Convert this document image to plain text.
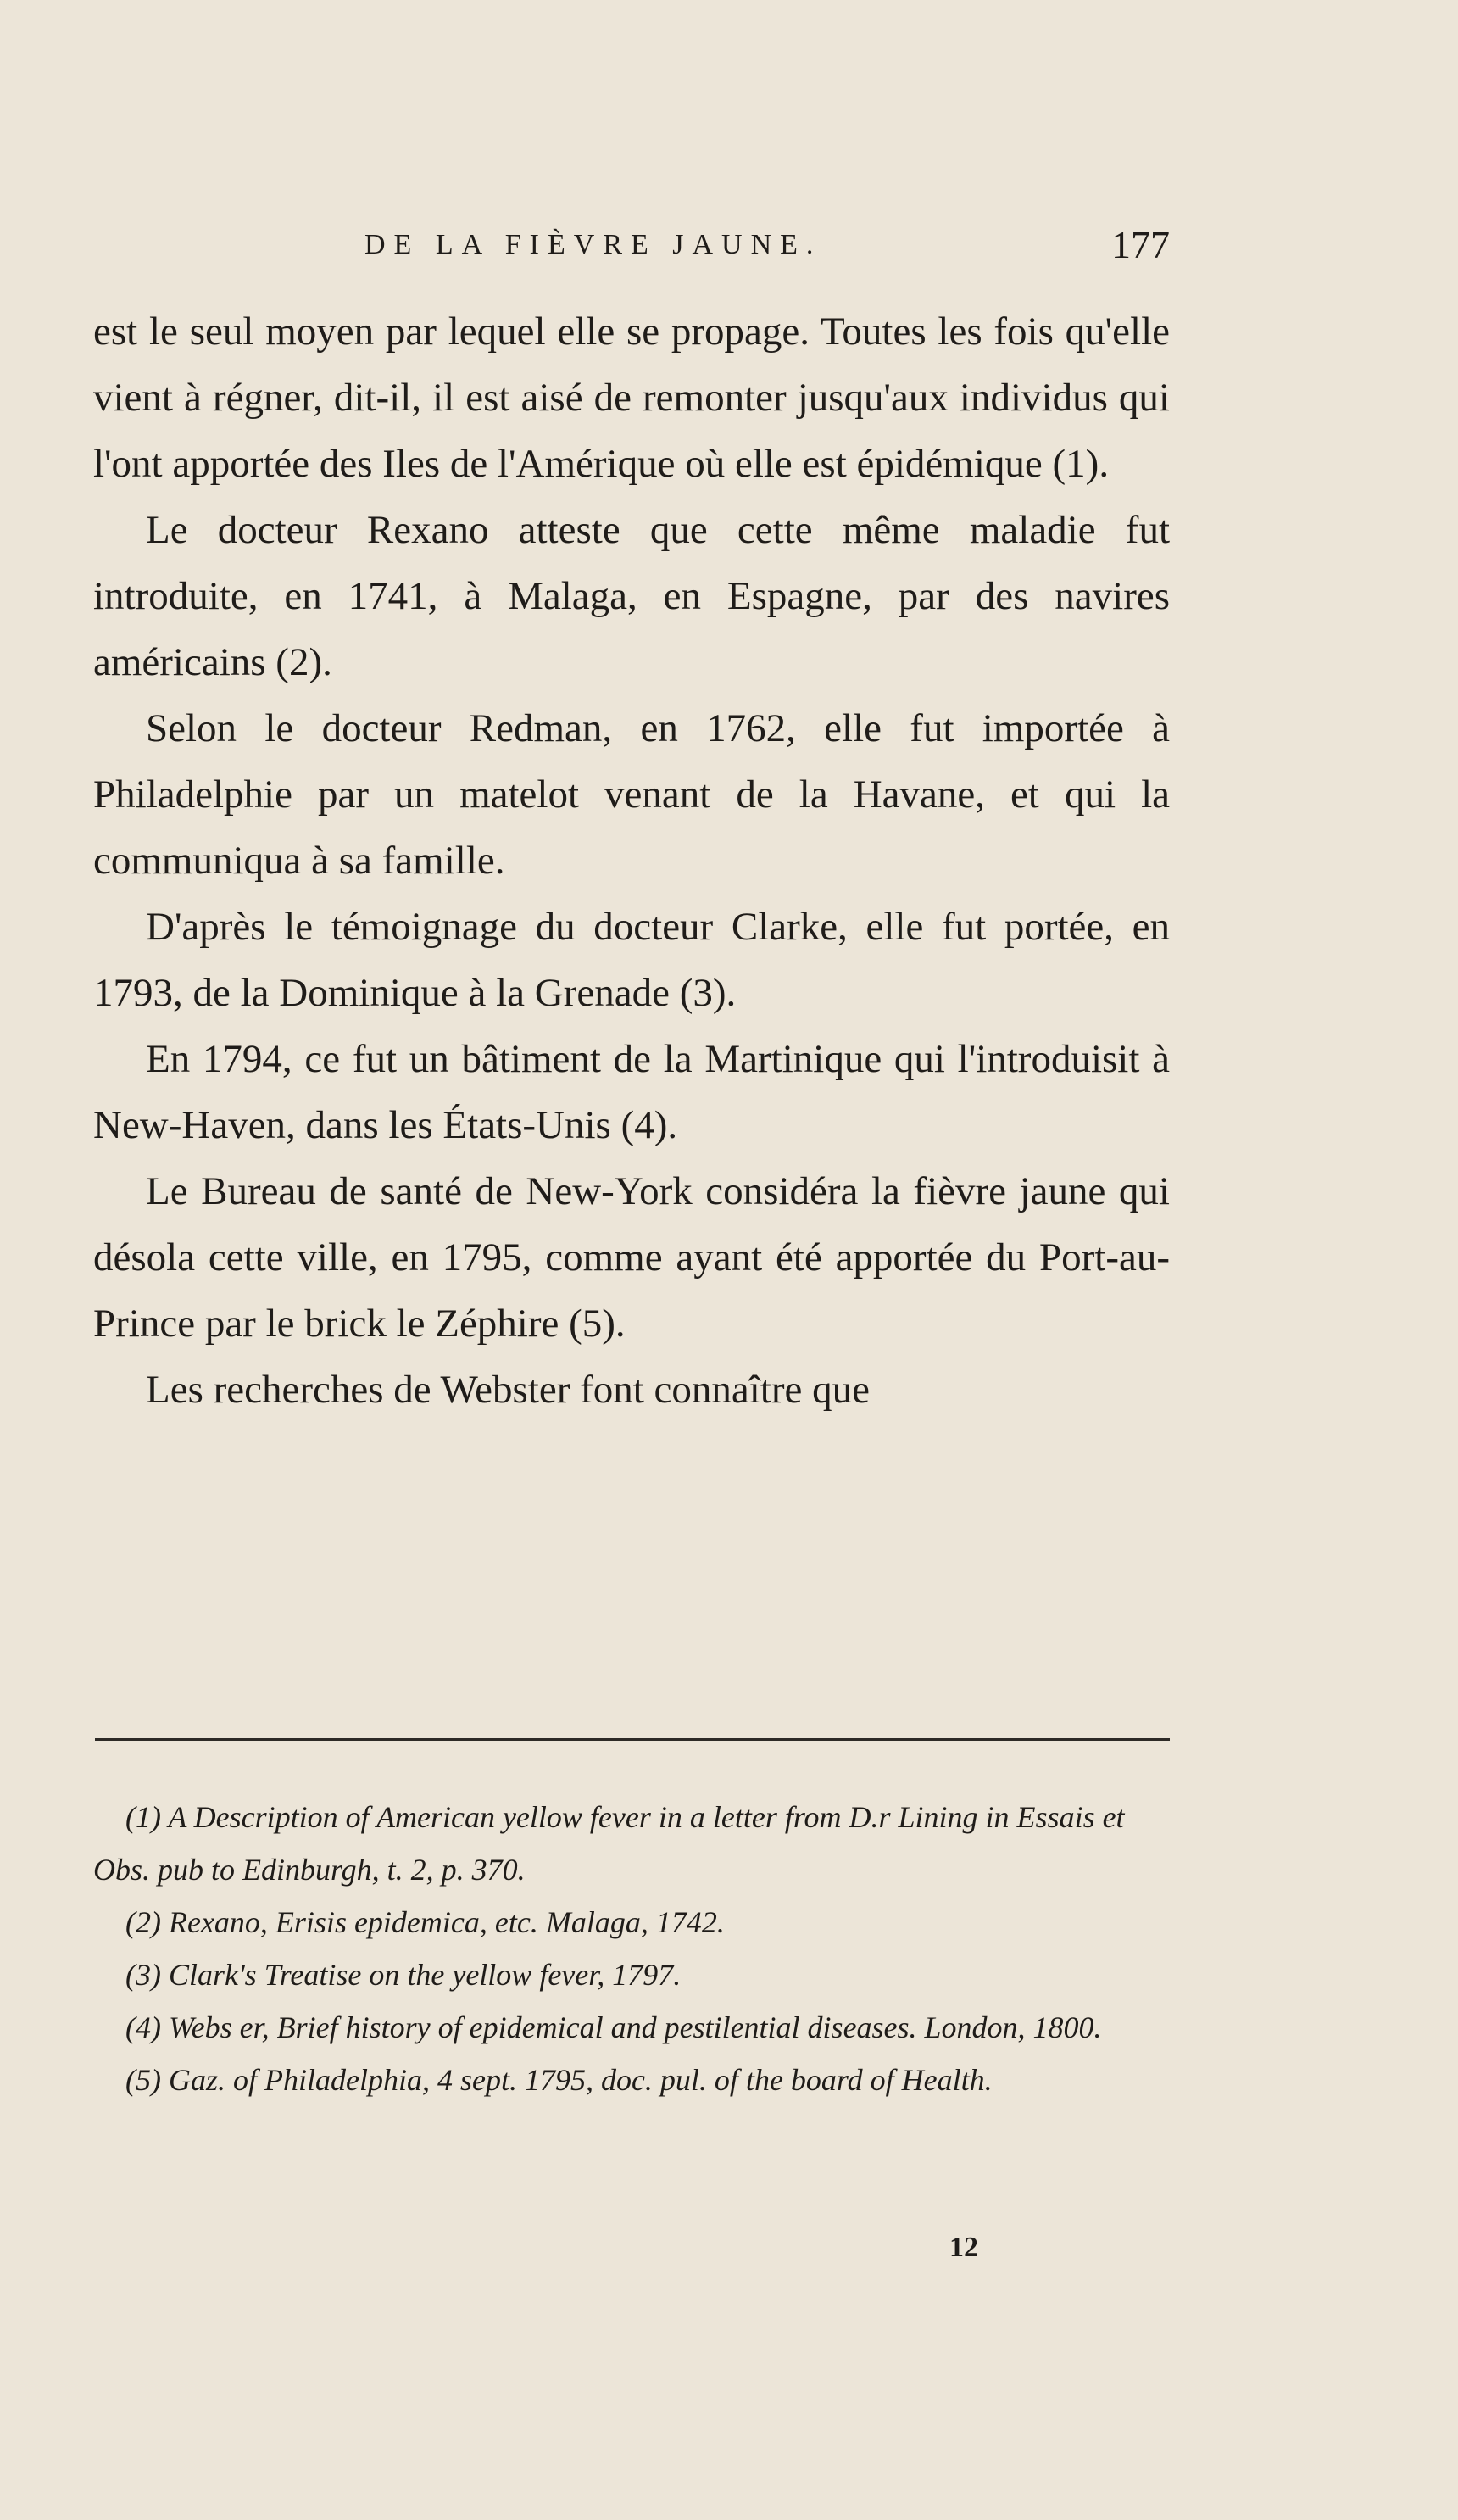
DE LA FIÈVRE JAUNE.	177

est le seul moyen par lequel elle se propage. Toutes les fois qu'elle vient à régner, dit-il, il est aisé de remonter jusqu'aux individus qui l'ont apportée des Iles de l'Amérique où elle est épidémique (1).

Le docteur Rexano atteste que cette même maladie fut introduite, en 1741, à Malaga, en Espagne, par des navires américains (2).

Selon le docteur Redman, en 1762, elle fut importée à Philadelphie par un matelot venant de la Havane, et qui la communiqua à sa famille.

D'après le témoignage du docteur Clarke, elle fut portée, en 1793, de la Dominique à la Grenade (3).

En 1794, ce fut un bâtiment de la Martinique qui l'introduisit à New-Haven, dans les États-Unis (4).

Le Bureau de santé de New-York considéra la fièvre jaune qui désola cette ville, en 1795, comme ayant été apportée du Port-au-Prince par le brick le Zéphire (5).

Les recherches de Webster font connaître que

(1) A Description of American yellow fever in a letter from D.r Lining in Essais et Obs. pub to Edinburgh, t. 2, p. 370.

(2) Rexano, Erisis epidemica, etc. Malaga, 1742.

(3) Clark's Treatise on the yellow fever, 1797.

(4) Webs er, Brief history of epidemical and pestilential diseases. London, 1800.

(5) Gaz. of Philadelphia, 4 sept. 1795, doc. pul. of the board of Health.

12
